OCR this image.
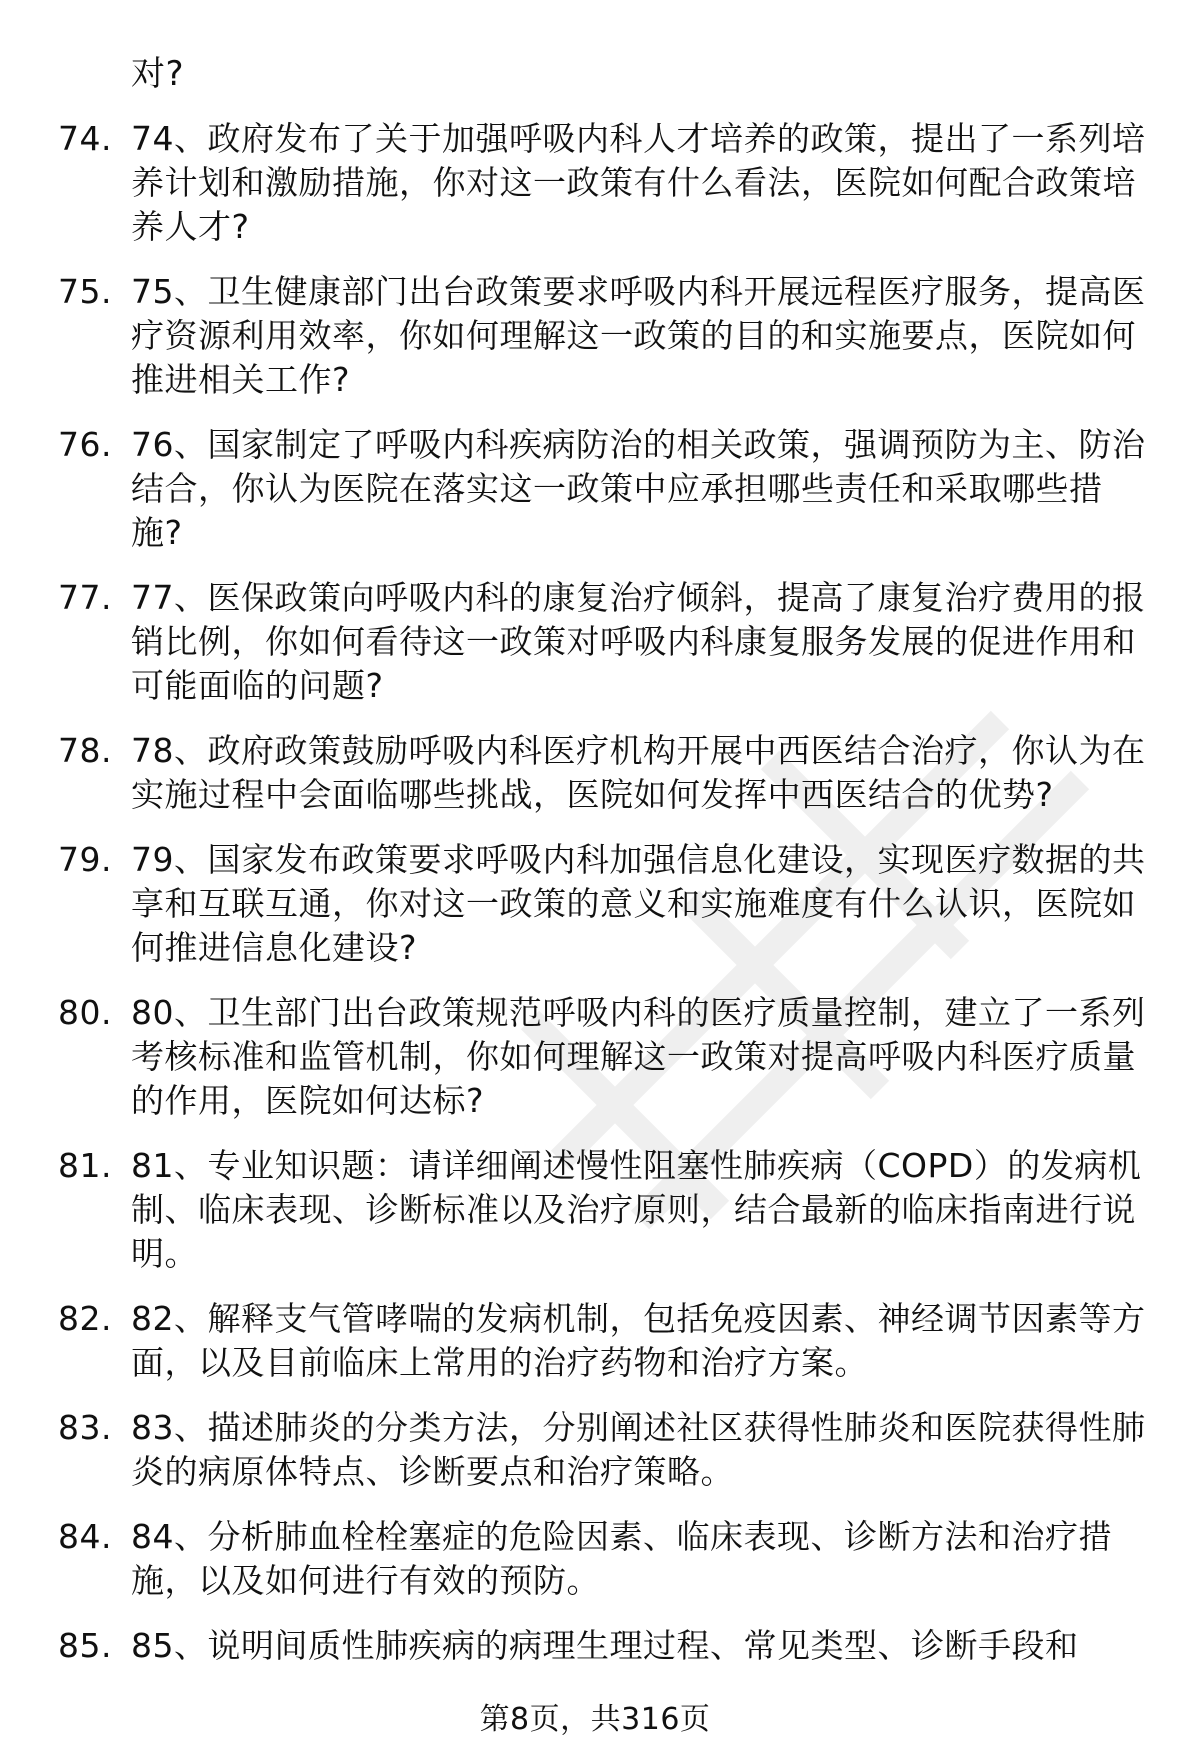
对?
74. 74、政府发布了关于加强呼吸内科人才培养的政策，提出了一系列培养计划和激励措施，你对这一政策有什么看法，医院如何配合政策培养人才?
75. 75、卫生健康部门出台政策要求呼吸内科开展远程医疗服务，提高医疗资源利用效率，你如何理解这一政策的目的和实施要点，医院如何推进相关工作?
76. 76、国家制定了呼吸内科疾病防治的相关政策，强调预防为主、防治结合，你认为医院在落实这一政策中应承担哪些责任和采取哪些措施?
77. 77、医保政策向呼吸内科的康复治疗倾斜，提高了康复治疗费用的报销比例，你如何看待这一政策对呼吸内科康复服务发展的促进作用和可能面临的问题?
78. 78、政府政策鼓励呼吸内科医疗机构开展中西医结合治疗，你认为在实施过程中会面临哪些挑战，医院如何发挥中西医结合的优势?
79. 79、国家发布政策要求呼吸内科加强信息化建设，实现医疗数据的共享和互联互通，你对这一政策的意义和实施难度有什么认识，医院如何推进信息化建设?
80. 80、卫生部门出台政策规范呼吸内科的医疗质量控制，建立了一系列考核标准和监管机制，你如何理解这一政策对提高呼吸内科医疗质量的作用，医院如何达标?
81. 81、专业知识题：请详细阐述慢性阻塞性肺疾病（COPD）的发病机制、临床表现、诊断标准以及治疗原则，结合最新的临床指南进行说明。
82. 82、解释支气管哮喘的发病机制，包括免疫因素、神经调节因素等方面，以及目前临床上常用的治疗药物和治疗方案。
83. 83、描述肺炎的分类方法，分别阐述社区获得性肺炎和医院获得性肺炎的病原体特点、诊断要点和治疗策略。
84. 84、分析肺血栓栓塞症的危险因素、临床表现、诊断方法和治疗措施，以及如何进行有效的预防。
85. 85、说明间质性肺疾病的病理生理过程、常见类型、诊断手段和
第8页，共316页
